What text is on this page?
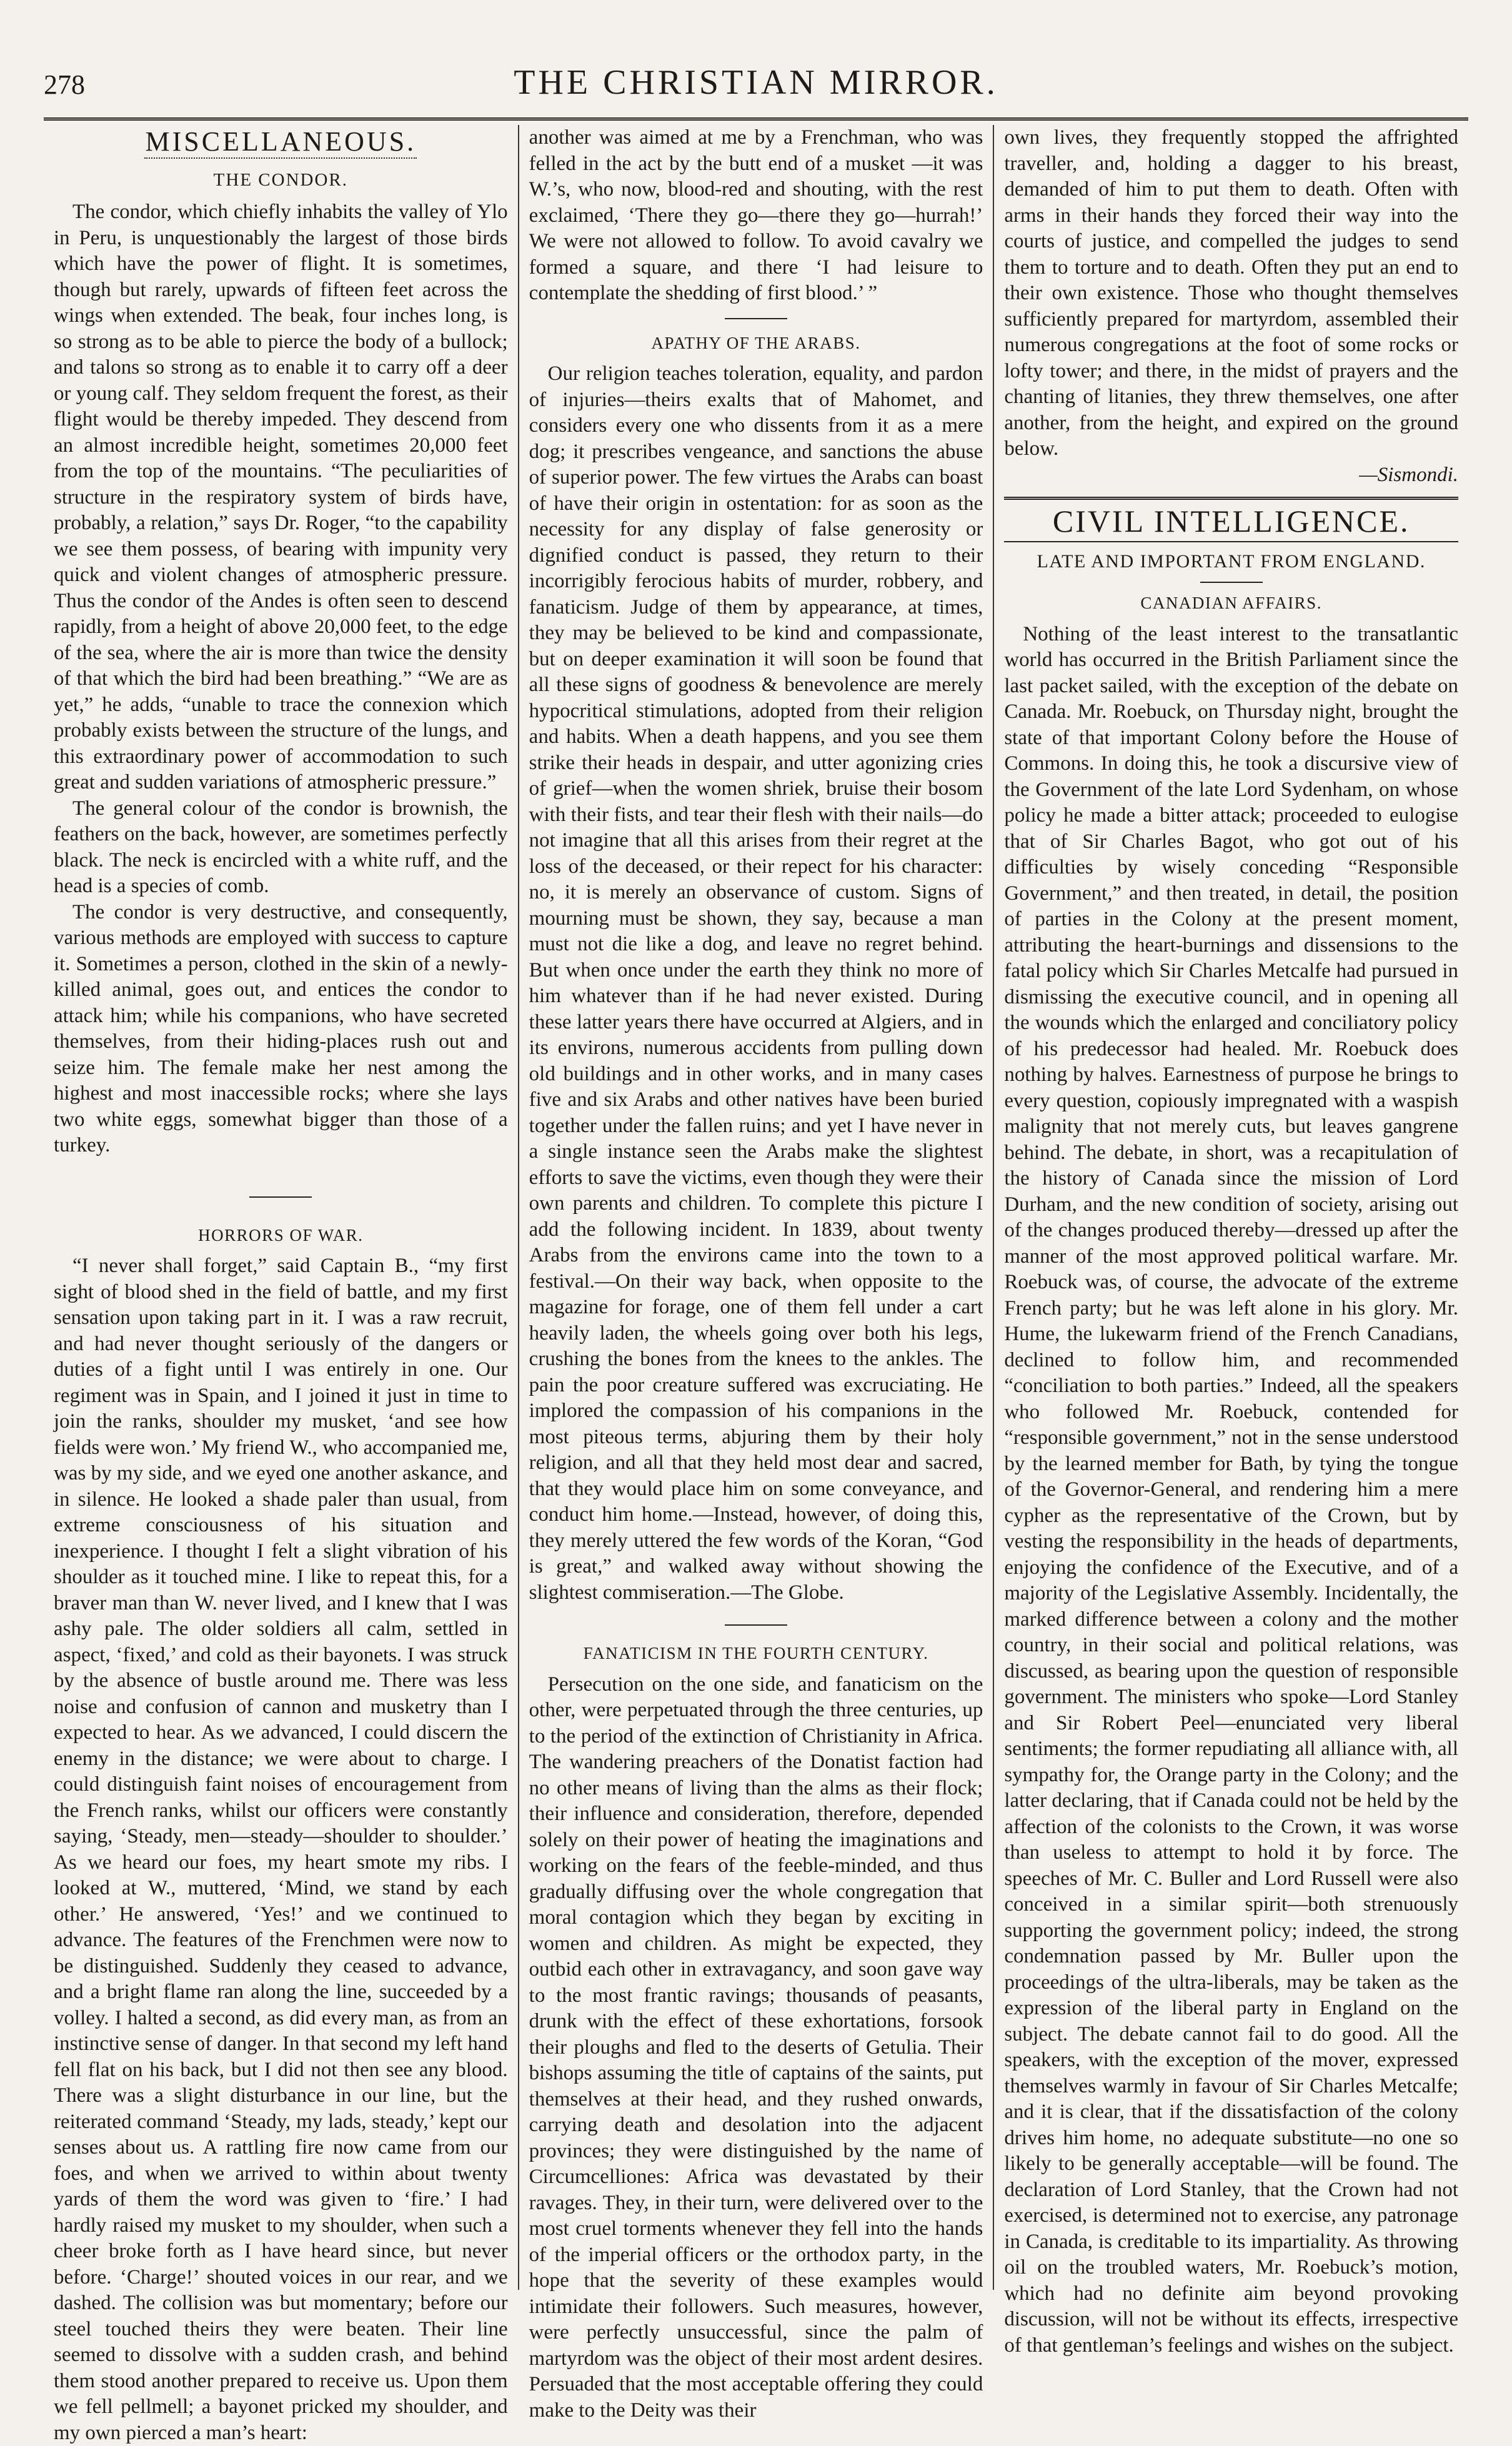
278	THE CHRISTIAN MIRROR.
MISCELLANEOUS.
THE CONDOR.

The condor, which chiefly inhabits the valley of Ylo in Peru, is unquestionably the largest of those birds which have the power of flight. It is sometimes, though but rarely, upwards of fifteen feet across the wings when extended. The beak, four inches long, is so strong as to be able to pierce the body of a bullock; and talons so strong as to enable it to carry off a deer or young calf. They seldom frequent the forest, as their flight would be thereby impeded. They descend from an almost incredible height, sometimes 20,000 feet from the top of the mountains. “The peculiarities of structure in the respiratory system of birds have, probably, a relation,” says Dr. Roger, “to the capability we see them possess, of bearing with impunity very quick and violent changes of atmospheric pressure. Thus the condor of the Andes is often seen to descend rapidly, from a height of above 20,000 feet, to the edge of the sea, where the air is more than twice the density of that which the bird had been breathing.” “We are as yet,” he adds, “unable to trace the connexion which probably exists between the structure of the lungs, and this extraordinary power of accommodation to such great and sudden variations of atmospheric pressure.”

The general colour of the condor is brownish, the feathers on the back, however, are sometimes perfectly black. The neck is encircled with a white ruff, and the head is a species of comb.

The condor is very destructive, and consequently, various methods are employed with success to capture it. Sometimes a person, clothed in the skin of a newly-killed animal, goes out, and entices the condor to attack him; while his companions, who have secreted themselves, from their hiding-places rush out and seize him. The female make her nest among the highest and most inaccessible rocks; where she lays two white eggs, somewhat bigger than those of a turkey.

HORRORS OF WAR.

“I never shall forget,” said Captain B., “my first sight of blood shed in the field of battle, and my first sensation upon taking part in it. I was a raw recruit, and had never thought seriously of the dangers or duties of a fight until I was entirely in one. Our regiment was in Spain, and I joined it just in time to join the ranks, shoulder my musket, ‘and see how fields were won.’ My friend W., who accompanied me, was by my side, and we eyed one another askance, and in silence. He looked a shade paler than usual, from extreme consciousness of his situation and inexperience. I thought I felt a slight vibration of his shoulder as it touched mine. I like to repeat this, for a braver man than W. never lived, and I knew that I was ashy pale. The older soldiers all calm, settled in aspect, ‘fixed,’ and cold as their bayonets. I was struck by the absence of bustle around me. There was less noise and confusion of cannon and musketry than I expected to hear. As we advanced, I could discern the enemy in the distance; we were about to charge. I could distinguish faint noises of encouragement from the French ranks, whilst our officers were constantly saying, ‘Steady, men—steady—shoulder to shoulder.’ As we heard our foes, my heart smote my ribs. I looked at W., muttered, ‘Mind, we stand by each other.’ He answered, ‘Yes!’ and we continued to advance. The features of the Frenchmen were now to be distinguished. Suddenly they ceased to advance, and a bright flame ran along the line, succeeded by a volley. I halted a second, as did every man, as from an instinctive sense of danger. In that second my left hand fell flat on his back, but I did not then see any blood. There was a slight disturbance in our line, but the reiterated command ‘Steady, my lads, steady,’ kept our senses about us. A rattling fire now came from our foes, and when we arrived to within about twenty yards of them the word was given to ‘fire.’ I had hardly raised my musket to my shoulder, when such a cheer broke forth as I have heard since, but never before. ‘Charge!’ shouted voices in our rear, and we dashed. The collision was but momentary; before our steel touched theirs they were beaten. Their line seemed to dissolve with a sudden crash, and behind them stood another prepared to receive us. Upon them we fell pellmell; a bayonet pricked my shoulder, and my own pierced a man’s heart:

another was aimed at me by a Frenchman, who was felled in the act by the butt end of a musket —it was W.’s, who now, blood-red and shouting, with the rest exclaimed, ‘There they go—there they go—hurrah!’ We were not allowed to follow. To avoid cavalry we formed a square, and there ‘I had leisure to contemplate the shedding of first blood.’ ”

APATHY OF THE ARABS.

Our religion teaches toleration, equality, and pardon of injuries—theirs exalts that of Mahomet, and considers every one who dissents from it as a mere dog; it prescribes vengeance, and sanctions the abuse of superior power. The few virtues the Arabs can boast of have their origin in ostentation: for as soon as the necessity for any display of false generosity or dignified conduct is passed, they return to their incorrigibly ferocious habits of murder, robbery, and fanaticism. Judge of them by appearance, at times, they may be believed to be kind and compassionate, but on deeper examination it will soon be found that all these signs of goodness & benevolence are merely hypocritical stimulations, adopted from their religion and habits. When a death happens, and you see them strike their heads in despair, and utter agonizing cries of grief—when the women shriek, bruise their bosom with their fists, and tear their flesh with their nails—do not imagine that all this arises from their regret at the loss of the deceased, or their repect for his character: no, it is merely an observance of custom. Signs of mourning must be shown, they say, because a man must not die like a dog, and leave no regret behind. But when once under the earth they think no more of him whatever than if he had never existed. During these latter years there have occurred at Algiers, and in its environs, numerous accidents from pulling down old buildings and in other works, and in many cases five and six Arabs and other natives have been buried together under the fallen ruins; and yet I have never in a single instance seen the Arabs make the slightest efforts to save the victims, even though they were their own parents and children. To complete this picture I add the following incident. In 1839, about twenty Arabs from the environs came into the town to a festival.—On their way back, when opposite to the magazine for forage, one of them fell under a cart heavily laden, the wheels going over both his legs, crushing the bones from the knees to the ankles. The pain the poor creature suffered was excruciating. He implored the compassion of his companions in the most piteous terms, abjuring them by their holy religion, and all that they held most dear and sacred, that they would place him on some conveyance, and conduct him home.—Instead, however, of doing this, they merely uttered the few words of the Koran, “God is great,” and walked away without showing the slightest commiseration.—The Globe.

FANATICISM IN THE FOURTH CENTURY.

Persecution on the one side, and fanaticism on the other, were perpetuated through the three centuries, up to the period of the extinction of Christianity in Africa. The wandering preachers of the Donatist faction had no other means of living than the alms as their flock; their influence and consideration, therefore, depended solely on their power of heating the imaginations and working on the fears of the feeble-minded, and thus gradually diffusing over the whole congregation that moral contagion which they began by exciting in women and children. As might be expected, they outbid each other in extravagancy, and soon gave way to the most frantic ravings; thousands of peasants, drunk with the effect of these exhortations, forsook their ploughs and fled to the deserts of Getulia. Their bishops assuming the title of captains of the saints, put themselves at their head, and they rushed onwards, carrying death and desolation into the adjacent provinces; they were distinguished by the name of Circumcelliones: Africa was devastated by their ravages. They, in their turn, were delivered over to the most cruel torments whenever they fell into the hands of the imperial officers or the orthodox party, in the hope that the severity of these examples would intimidate their followers. Such measures, however, were perfectly unsuccessful, since the palm of martyrdom was the object of their most ardent desires. Persuaded that the most acceptable offering they could make to the Deity was their

own lives, they frequently stopped the affrighted traveller, and, holding a dagger to his breast, demanded of him to put them to death. Often with arms in their hands they forced their way into the courts of justice, and compelled the judges to send them to torture and to death. Often they put an end to their own existence. Those who thought themselves sufficiently prepared for martyrdom, assembled their numerous congregations at the foot of some rocks or lofty tower; and there, in the midst of prayers and the chanting of litanies, they threw themselves, one after another, from the height, and expired on the ground below.

—Sismondi.
CIVIL INTELLIGENCE.
LATE AND IMPORTANT FROM ENGLAND.
CANADIAN AFFAIRS.

Nothing of the least interest to the transatlantic world has occurred in the British Parliament since the last packet sailed, with the exception of the debate on Canada. Mr. Roebuck, on Thursday night, brought the state of that important Colony before the House of Commons. In doing this, he took a discursive view of the Government of the late Lord Sydenham, on whose policy he made a bitter attack; proceeded to eulogise that of Sir Charles Bagot, who got out of his difficulties by wisely conceding “Responsible Government,” and then treated, in detail, the position of parties in the Colony at the present moment, attributing the heart-burnings and dissensions to the fatal policy which Sir Charles Metcalfe had pursued in dismissing the executive council, and in opening all the wounds which the enlarged and conciliatory policy of his predecessor had healed. Mr. Roebuck does nothing by halves. Earnestness of purpose he brings to every question, copiously impregnated with a waspish malignity that not merely cuts, but leaves gangrene behind. The debate, in short, was a recapitulation of the history of Canada since the mission of Lord Durham, and the new condition of society, arising out of the changes produced thereby—dressed up after the manner of the most approved political warfare. Mr. Roebuck was, of course, the advocate of the extreme French party; but he was left alone in his glory. Mr. Hume, the lukewarm friend of the French Canadians, declined to follow him, and recommended “conciliation to both parties.” Indeed, all the speakers who followed Mr. Roebuck, contended for “responsible government,” not in the sense understood by the learned member for Bath, by tying the tongue of the Governor-General, and rendering him a mere cypher as the representative of the Crown, but by vesting the responsibility in the heads of departments, enjoying the confidence of the Executive, and of a majority of the Legislative Assembly. Incidentally, the marked difference between a colony and the mother country, in their social and political relations, was discussed, as bearing upon the question of responsible government. The ministers who spoke—Lord Stanley and Sir Robert Peel—enunciated very liberal sentiments; the former repudiating all alliance with, all sympathy for, the Orange party in the Colony; and the latter declaring, that if Canada could not be held by the affection of the colonists to the Crown, it was worse than useless to attempt to hold it by force. The speeches of Mr. C. Buller and Lord Russell were also conceived in a similar spirit—both strenuously supporting the government policy; indeed, the strong condemnation passed by Mr. Buller upon the proceedings of the ultra-liberals, may be taken as the expression of the liberal party in England on the subject. The debate cannot fail to do good. All the speakers, with the exception of the mover, expressed themselves warmly in favour of Sir Charles Metcalfe; and it is clear, that if the dissatisfaction of the colony drives him home, no adequate substitute—no one so likely to be generally acceptable—will be found. The declaration of Lord Stanley, that the Crown had not exercised, is determined not to exercise, any patronage in Canada, is creditable to its impartiality. As throwing oil on the troubled waters, Mr. Roebuck’s motion, which had no definite aim beyond provoking discussion, will not be without its effects, irrespective of that gentleman’s feelings and wishes on the subject.
